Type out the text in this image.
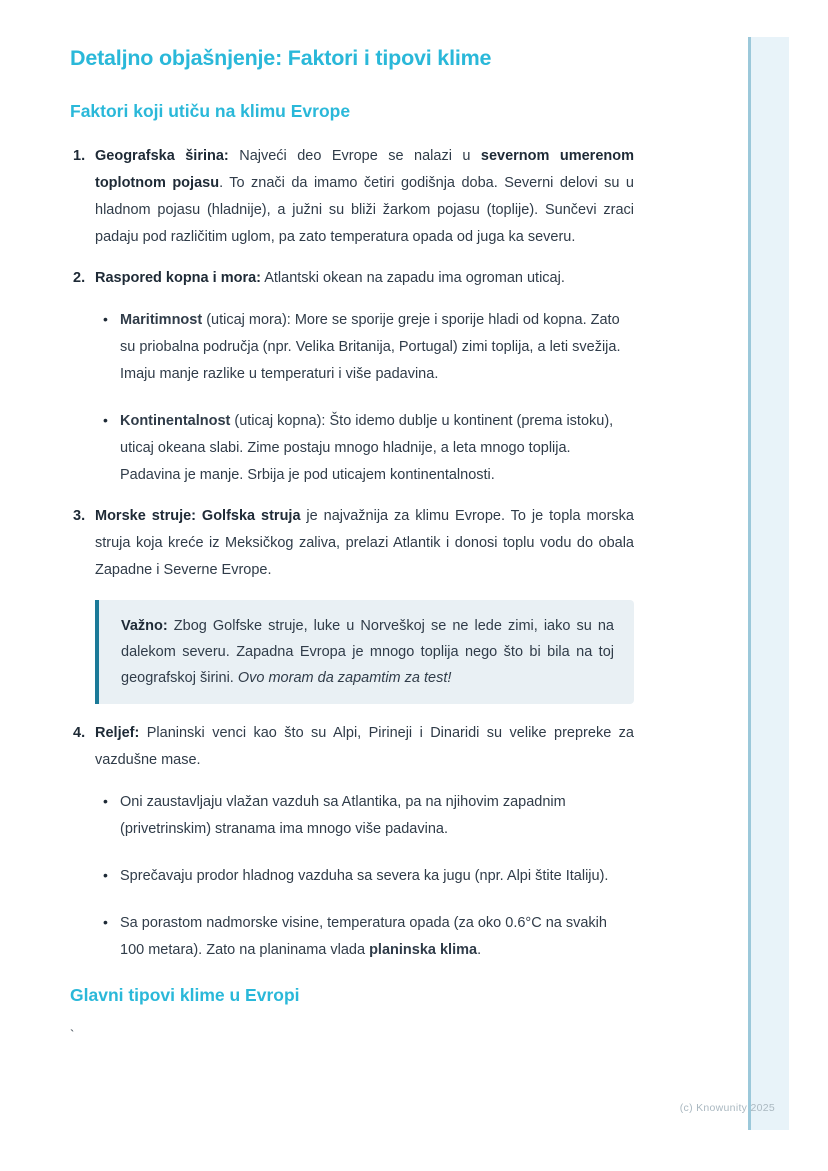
Detaljno objašnjenje: Faktori i tipovi klime
Faktori koji utiču na klimu Evrope
1. Geografska širina: Najveći deo Evrope se nalazi u severnom umerenom toplotnom pojasu. To znači da imamo četiri godišnja doba. Severni delovi su u hladnom pojasu (hladnije), a južni su bliži žarkom pojasu (toplije). Sunčevi zraci padaju pod različitim uglom, pa zato temperatura opada od juga ka severu.
2. Raspored kopna i mora: Atlantski okean na zapadu ima ogroman uticaj.
• Maritimnost (uticaj mora): More se sporije greje i sporije hladi od kopna. Zato su priobalna područja (npr. Velika Britanija, Portugal) zimi toplija, a leti svežija. Imaju manje razlike u temperaturi i više padavina.
• Kontinentalnost (uticaj kopna): Što idemo dublje u kontinent (prema istoku), uticaj okeana slabi. Zime postaju mnogo hladnije, a leta mnogo toplija. Padavina je manje. Srbija je pod uticajem kontinentalnosti.
3. Morske struje: Golfska struja je najvažnija za klimu Evrope. To je topla morska struja koja kreće iz Meksičkog zaliva, prelazi Atlantik i donosi toplu vodu do obala Zapadne i Severne Evrope.
Važno: Zbog Golfske struje, luke u Norveškoj se ne lede zimi, iako su na dalekom severu. Zapadna Evropa je mnogo toplija nego što bi bila na toj geografskoj širini. Ovo moram da zapamtim za test!
4. Reljef: Planinski venci kao što su Alpi, Pirineji i Dinaridi su velike prepreke za vazdušne mase.
• Oni zaustavljaju vlažan vazduh sa Atlantika, pa na njihovim zapadnim (privetrinskim) stranama ima mnogo više padavina.
• Sprečavaju prodor hladnog vazduha sa severa ka jugu (npr. Alpi štite Italiju).
• Sa porastom nadmorske visine, temperatura opada (za oko 0.6°C na svakih 100 metara). Zato na planinama vlada planinska klima.
Glavni tipovi klime u Evropi

`

(c) Knowunity 2025
